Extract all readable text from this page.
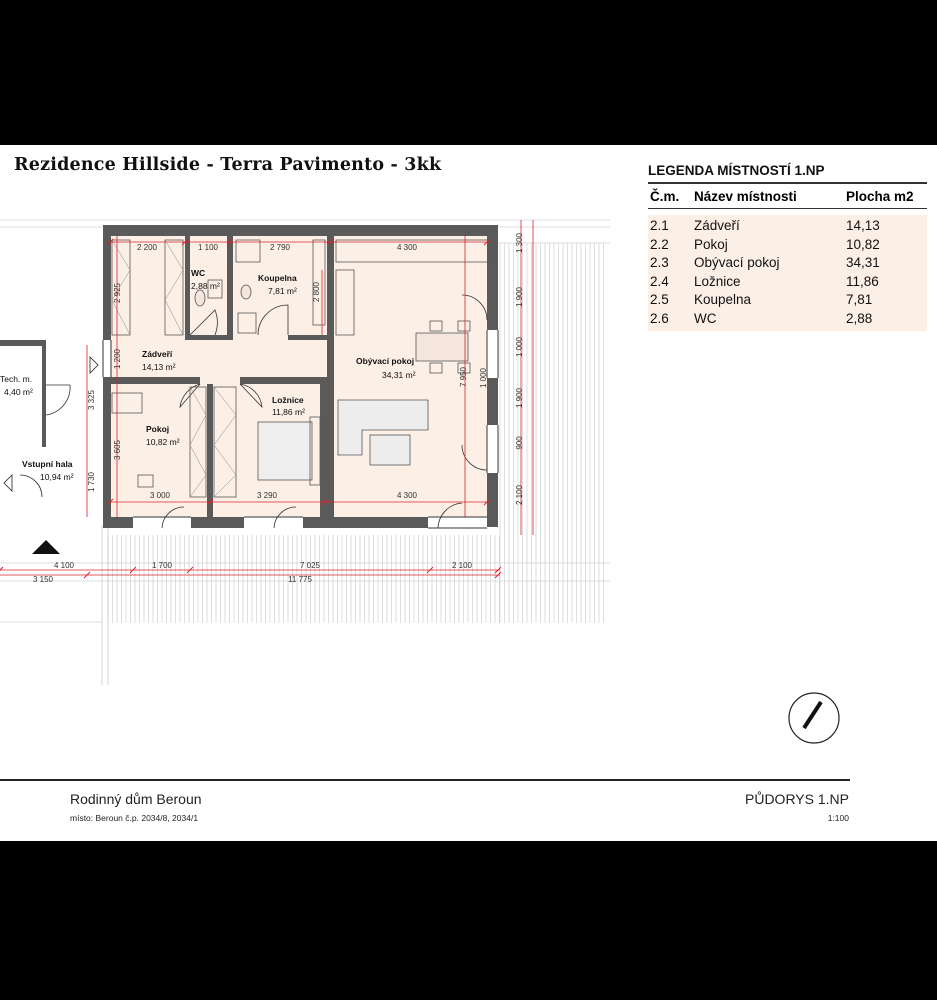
Rezidence Hillside - Terra Pavimento - 3kk
2 200	1 100	2 790	4 300
3 000	3 290	4 300
4 100	1 700	7 025	2 100
3 150	11 775
1 300
1 900
1 000
1 900
900
2 100
1 000
7 950
2 925
1 200
3 605
3 325
1 730
2 800
WC
2,88 m²
Koupelna
7,81 m²
Zádveří
14,13 m²
Obývací pokoj
34,31 m²
Ložnice
11,86 m²
Pokoj
10,82 m²
Tech. m.
4,40 m²
Vstupní hala
10,94 m²
LEGENDA MÍSTNOSTÍ 1.NP
Č.m.	Název místnosti	Plocha m2
2.1	Zádveří	14,13
2.2	Pokoj	10,82
2.3	Obývací pokoj	34,31
2.4	Ložnice	11,86
2.5	Koupelna	7,81
2.6	WC	2,88
Rodinný dům Beroun
místo: Beroun č.p. 2034/8, 2034/1
PŮDORYS 1.NP
1:100
